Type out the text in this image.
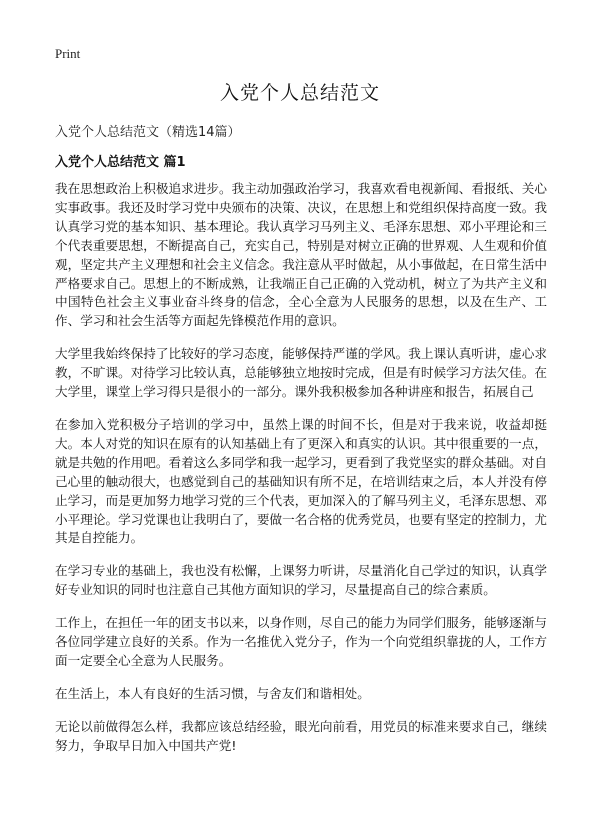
Print
入党个人总结范文

入党个人总结范文（精选14篇）

入党个人总结范文 篇1

我在思想政治上积极追求进步。我主动加强政治学习，我喜欢看电视新闻、看报纸、关心实事政事。我还及时学习党中央颁布的决策、决议，在思想上和党组织保持高度一致。我认真学习党的基本知识、基本理论。我认真学习马列主义、毛泽东思想、邓小平理论和三个代表重要思想，不断提高自己，充实自己，特别是对树立正确的世界观、人生观和价值观，坚定共产主义理想和社会主义信念。我注意从平时做起，从小事做起，在日常生活中严格要求自己。思想上的不断成熟，让我端正自己正确的入党动机，树立了为共产主义和中国特色社会主义事业奋斗终身的信念，全心全意为人民服务的思想，以及在生产、工作、学习和社会生活等方面起先锋模范作用的意识。

大学里我始终保持了比较好的学习态度，能够保持严谨的学风。我上课认真听讲，虚心求教，不旷课。对待学习比较认真，总能够独立地按时完成，但是有时候学习方法欠佳。在大学里，课堂上学习得只是很小的一部分。课外我积极参加各种讲座和报告，拓展自己

在参加入党积极分子培训的学习中，虽然上课的时间不长，但是对于我来说，收益却挺大。本人对党的知识在原有的认知基础上有了更深入和真实的认识。其中很重要的一点，就是共勉的作用吧。看着这么多同学和我一起学习，更看到了我党坚实的群众基础。对自己心里的触动很大，也感觉到自己的基础知识有所不足，在培训结束之后，本人并没有停止学习，而是更加努力地学习党的三个代表，更加深入的了解马列主义，毛泽东思想、邓小平理论。学习党课也让我明白了，要做一名合格的优秀党员，也要有坚定的控制力，尤其是自控能力。

在学习专业的基础上，我也没有松懈，上课努力听讲，尽量消化自己学过的知识，认真学好专业知识的同时也注意自己其他方面知识的学习，尽量提高自己的综合素质。

工作上，在担任一年的团支书以来，以身作则，尽自己的能力为同学们服务，能够逐渐与各位同学建立良好的关系。作为一名推优入党分子，作为一个向党组织靠拢的人，工作方面一定要全心全意为人民服务。

在生活上，本人有良好的生活习惯，与舍友们和谐相处。

无论以前做得怎么样，我都应该总结经验，眼光向前看，用党员的标准来要求自己，继续努力，争取早日加入中国共产党!
